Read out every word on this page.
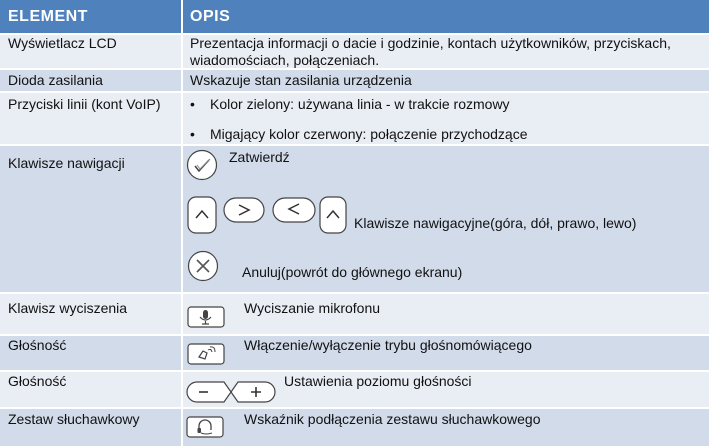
ELEMENT	OPIS
Wyświetlacz LCD	Prezentacja informacji o dacie i godzinie, kontach użytkowników, przyciskach,
wiadomościach, połączeniach.
Dioda zasilania	Wskazuje stan zasilania urządzenia
Przyciski linii (kont VoIP) • Kolor zielony: używana linia - w trakcie rozmowy
• Migający kolor czerwony: połączenie przychodzące
Klawisze nawigacji	Zatwierdź
Klawisze nawigacyjne(góra, dół, prawo, lewo)
Anuluj(powrót do głównego ekranu)
Klawisz wyciszenia	Wyciszanie mikrofonu
Głośność	Włączenie/wyłączenie trybu głośnomówiącego
Głośność	Ustawienia poziomu głośności
Zestaw słuchawkowy	Wskaźnik podłączenia zestawu słuchawkowego
